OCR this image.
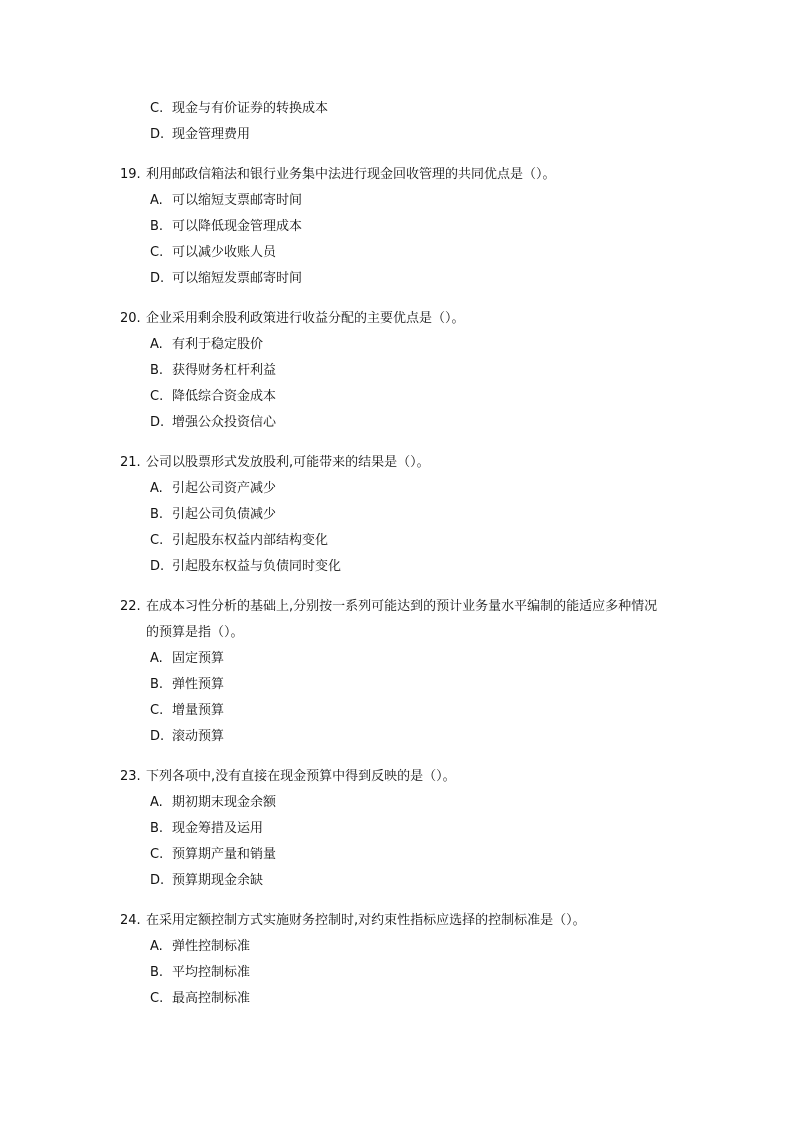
C. 现金与有价证券的转换成本
D. 现金管理费用
19. 利用邮政信箱法和银行业务集中法进行现金回收管理的共同优点是（）。
A. 可以缩短支票邮寄时间
B. 可以降低现金管理成本
C. 可以减少收账人员
D. 可以缩短发票邮寄时间
20. 企业采用剩余股利政策进行收益分配的主要优点是（）。
A. 有利于稳定股价
B. 获得财务杠杆利益
C. 降低综合资金成本
D. 增强公众投资信心
21. 公司以股票形式发放股利,可能带来的结果是（）。
A. 引起公司资产减少
B. 引起公司负债减少
C. 引起股东权益内部结构变化
D. 引起股东权益与负债同时变化
22. 在成本习性分析的基础上,分别按一系列可能达到的预计业务量水平编制的能适应多种情况的预算是指（）。
A. 固定预算
B. 弹性预算
C. 增量预算
D. 滚动预算
23. 下列各项中,没有直接在现金预算中得到反映的是（）。
A. 期初期末现金余额
B. 现金筹措及运用
C. 预算期产量和销量
D. 预算期现金余缺
24. 在采用定额控制方式实施财务控制时,对约束性指标应选择的控制标准是（）。
A. 弹性控制标准
B. 平均控制标准
C. 最高控制标准
